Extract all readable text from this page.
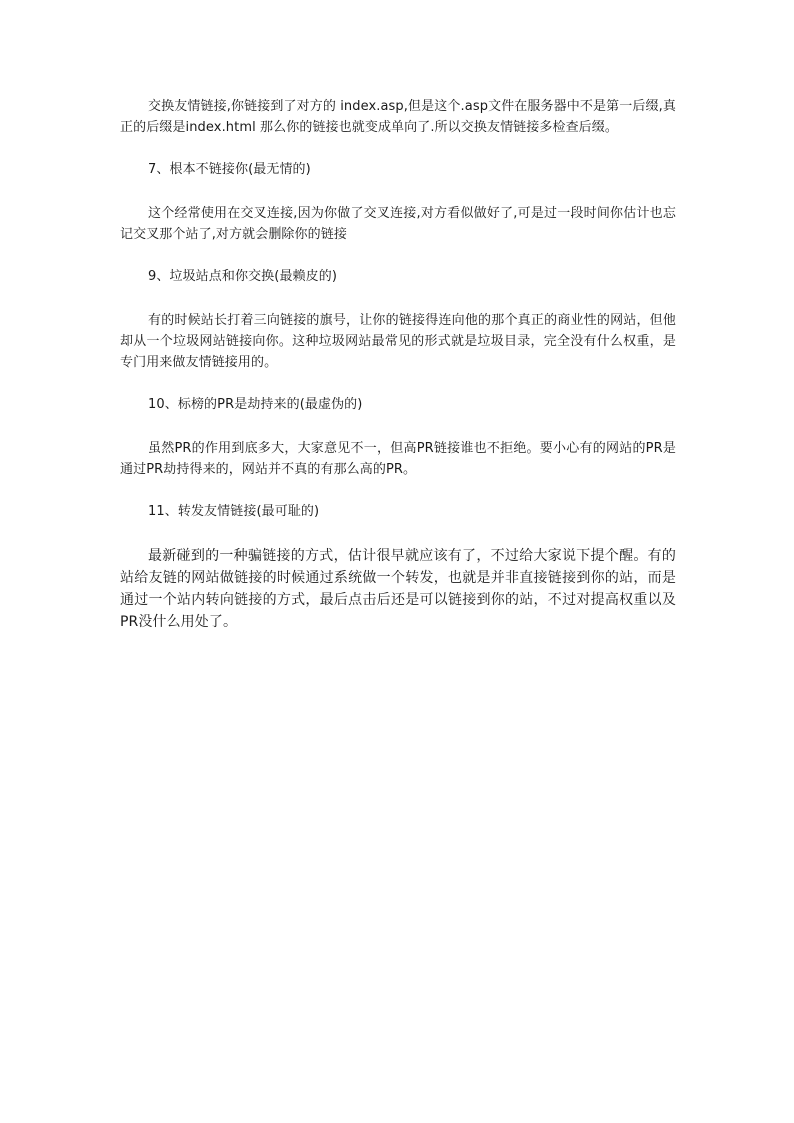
交换友情链接,你链接到了对方的 index.asp,但是这个.asp文件在服务器中不是第一后缀,真正的后缀是index.html 那么你的链接也就变成单向了.所以交换友情链接多检查后缀。

7、根本不链接你(最无情的)

这个经常使用在交叉连接,因为你做了交叉连接,对方看似做好了,可是过一段时间你估计也忘记交叉那个站了,对方就会删除你的链接

9、垃圾站点和你交换(最赖皮的)

有的时候站长打着三向链接的旗号，让你的链接得连向他的那个真正的商业性的网站，但他却从一个垃圾网站链接向你。这种垃圾网站最常见的形式就是垃圾目录，完全没有什么权重，是专门用来做友情链接用的。

10、标榜的PR是劫持来的(最虚伪的)

虽然PR的作用到底多大，大家意见不一，但高PR链接谁也不拒绝。要小心有的网站的PR是通过PR劫持得来的，网站并不真的有那么高的PR。

11、转发友情链接(最可耻的)

最新碰到的一种骗链接的方式，估计很早就应该有了，不过给大家说下提个醒。有的站给友链的网站做链接的时候通过系统做一个转发，也就是并非直接链接到你的站，而是通过一个站内转向链接的方式，最后点击后还是可以链接到你的站，不过对提高权重以及PR没什么用处了。
